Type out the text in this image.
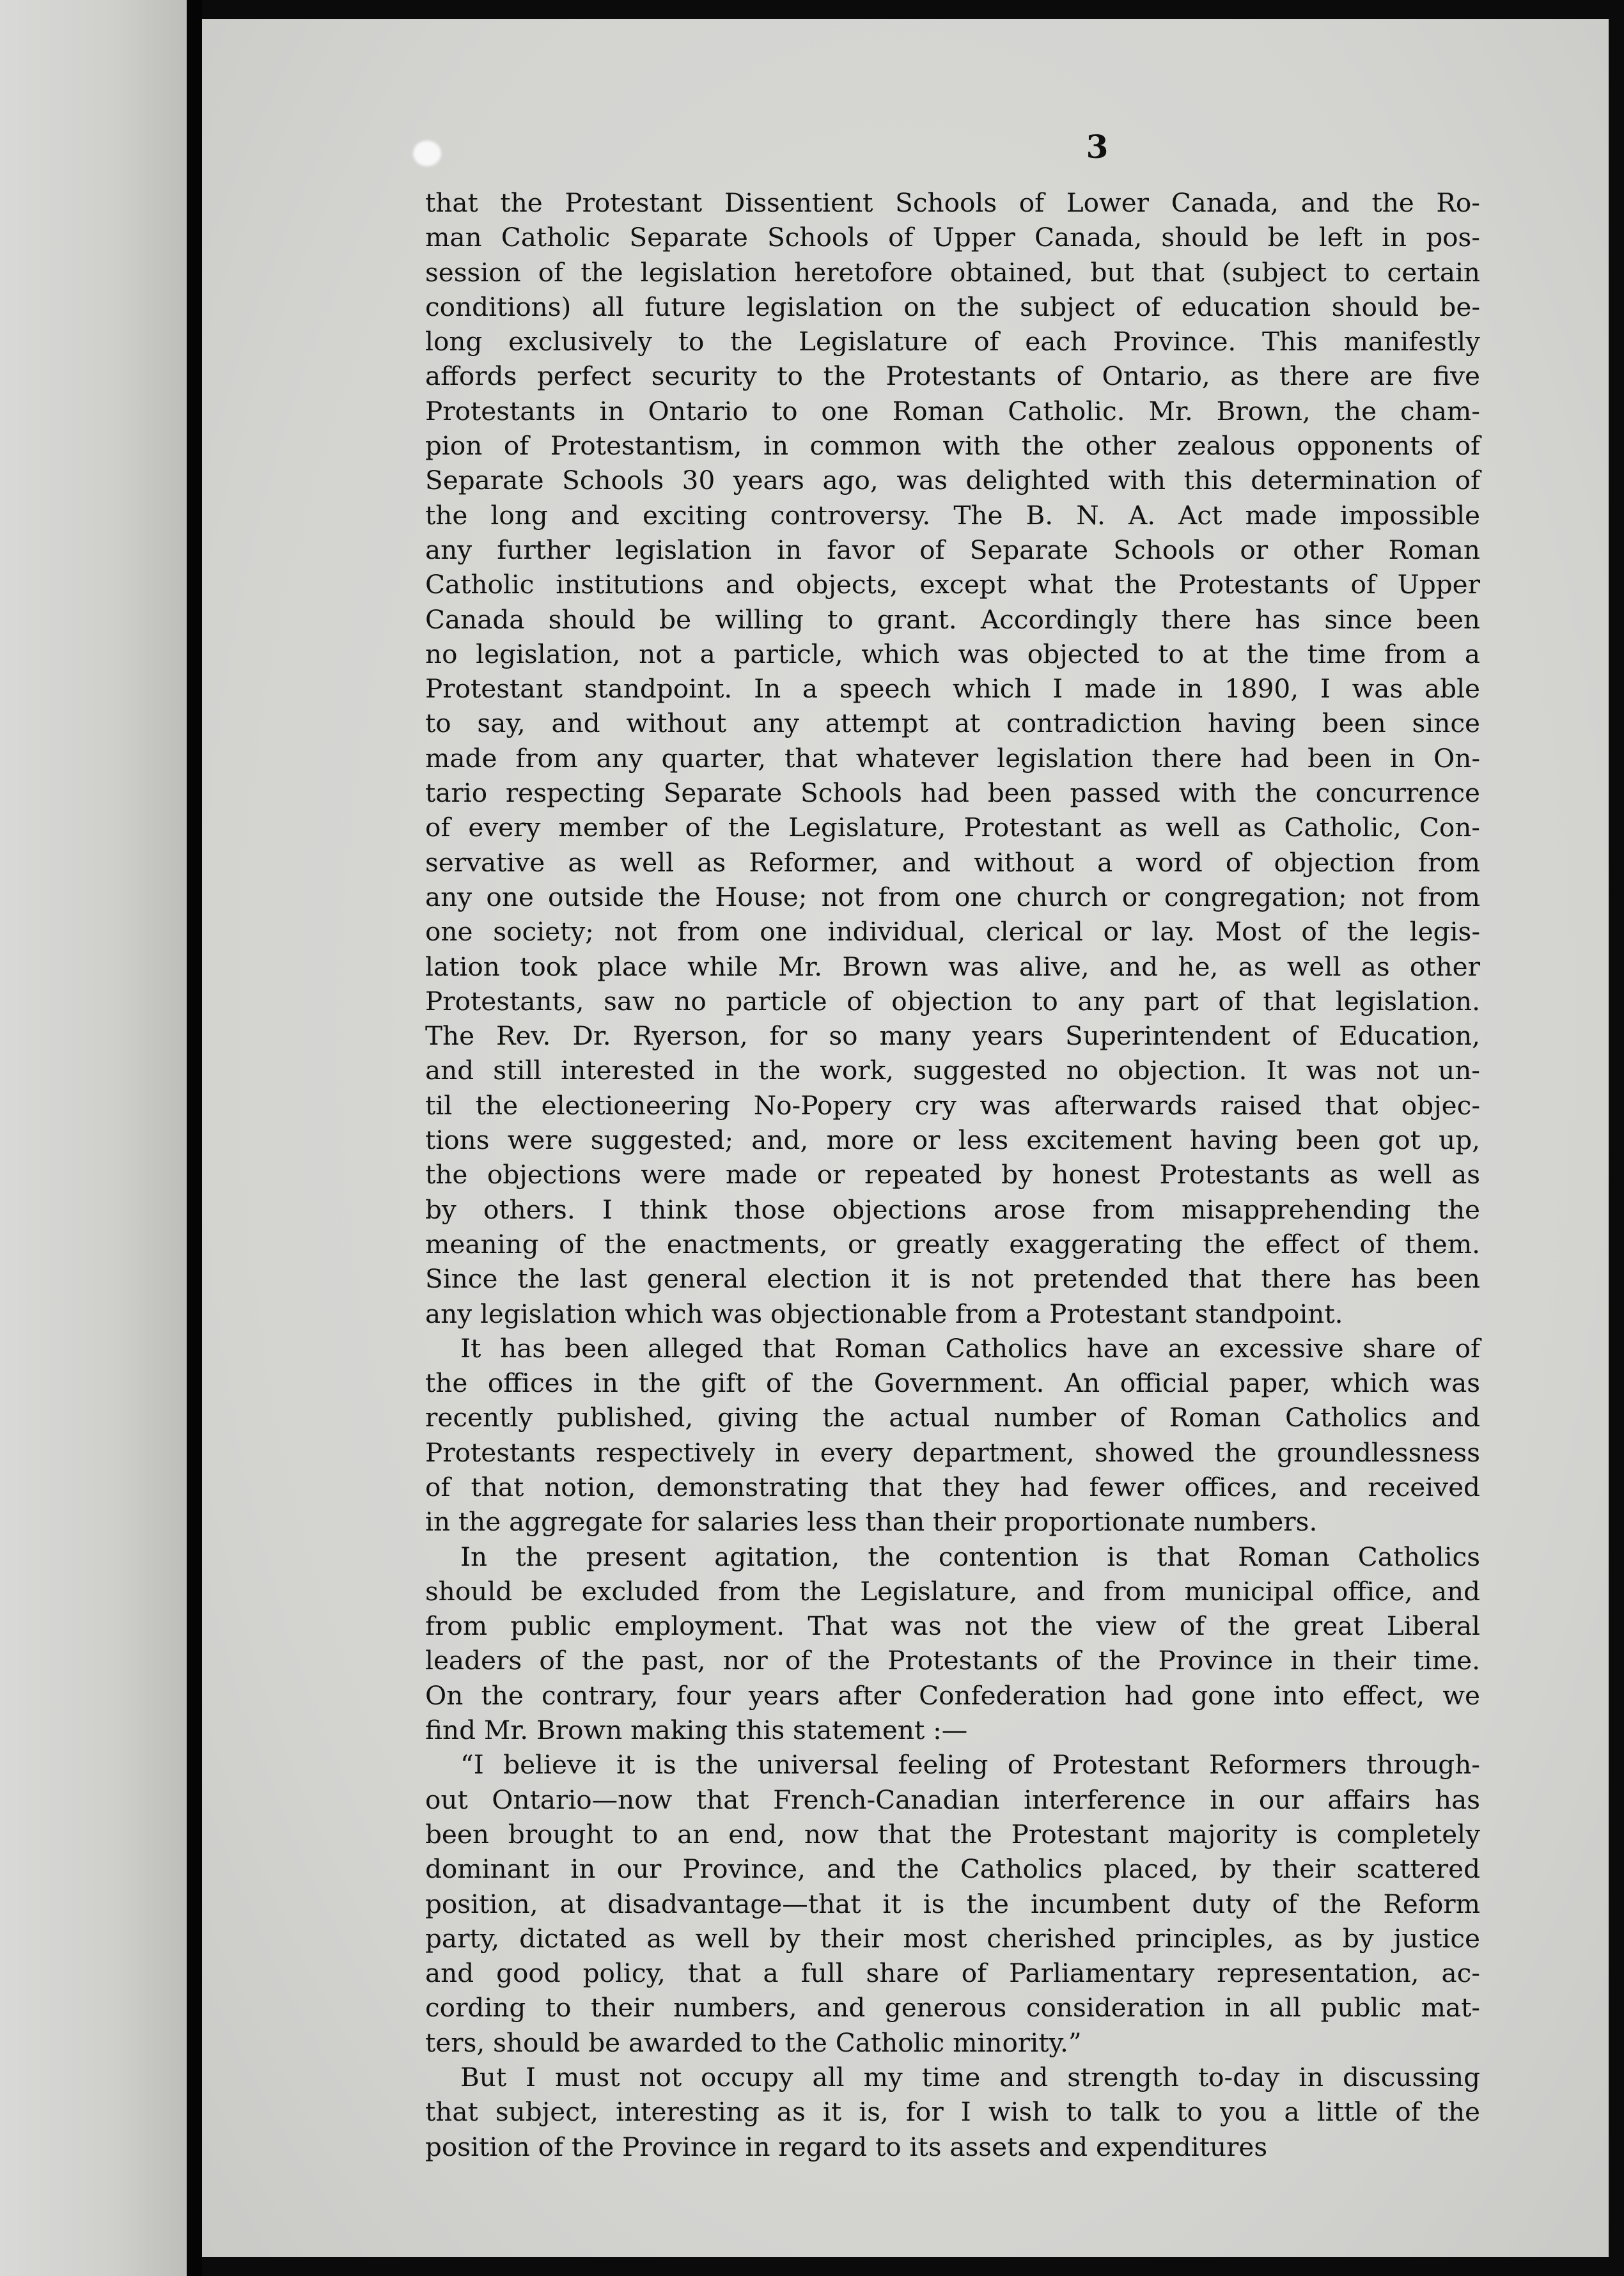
3

that the Protestant Dissentient Schools of Lower Canada, and the Ro-
man Catholic Separate Schools of Upper Canada, should be left in pos-
session of the legislation heretofore obtained, but that (subject to certain
conditions) all future legislation on the subject of education should be-
long exclusively to the Legislature of each Province. This manifestly
affords perfect security to the Protestants of Ontario, as there are five
Protestants in Ontario to one Roman Catholic. Mr. Brown, the cham-
pion of Protestantism, in common with the other zealous opponents of
Separate Schools 30 years ago, was delighted with this determination of
the long and exciting controversy. The B. N. A. Act made impossible
any further legislation in favor of Separate Schools or other Roman
Catholic institutions and objects, except what the Protestants of Upper
Canada should be willing to grant. Accordingly there has since been
no legislation, not a particle, which was objected to at the time from a
Protestant standpoint. In a speech which I made in 1890, I was able
to say, and without any attempt at contradiction having been since
made from any quarter, that whatever legislation there had been in On-
tario respecting Separate Schools had been passed with the concurrence
of every member of the Legislature, Protestant as well as Catholic, Con-
servative as well as Reformer, and without a word of objection from
any one outside the House; not from one church or congregation; not from
one society; not from one individual, clerical or lay. Most of the legis-
lation took place while Mr. Brown was alive, and he, as well as other
Protestants, saw no particle of objection to any part of that legislation.
The Rev. Dr. Ryerson, for so many years Superintendent of Education,
and still interested in the work, suggested no objection. It was not un-
til the electioneering No-Popery cry was afterwards raised that objec-
tions were suggested; and, more or less excitement having been got up,
the objections were made or repeated by honest Protestants as well as
by others. I think those objections arose from misapprehending the
meaning of the enactments, or greatly exaggerating the effect of them.
Since the last general election it is not pretended that there has been
any legislation which was objectionable from a Protestant standpoint.

It has been alleged that Roman Catholics have an excessive share of
the offices in the gift of the Government. An official paper, which was
recently published, giving the actual number of Roman Catholics and
Protestants respectively in every department, showed the groundlessness
of that notion, demonstrating that they had fewer offices, and received
in the aggregate for salaries less than their proportionate numbers.

In the present agitation, the contention is that Roman Catholics
should be excluded from the Legislature, and from municipal office, and
from public employment. That was not the view of the great Liberal
leaders of the past, nor of the Protestants of the Province in their time.
On the contrary, four years after Confederation had gone into effect, we
find Mr. Brown making this statement :—

“I believe it is the universal feeling of Protestant Reformers through-
out Ontario—now that French-Canadian interference in our affairs has
been brought to an end, now that the Protestant majority is completely
dominant in our Province, and the Catholics placed, by their scattered
position, at disadvantage—that it is the incumbent duty of the Reform
party, dictated as well by their most cherished principles, as by justice
and good policy, that a full share of Parliamentary representation, ac-
cording to their numbers, and generous consideration in all public mat-
ters, should be awarded to the Catholic minority.”

But I must not occupy all my time and strength to-day in discussing
that subject, interesting as it is, for I wish to talk to you a little of the
position of the Province in regard to its assets and expenditures
